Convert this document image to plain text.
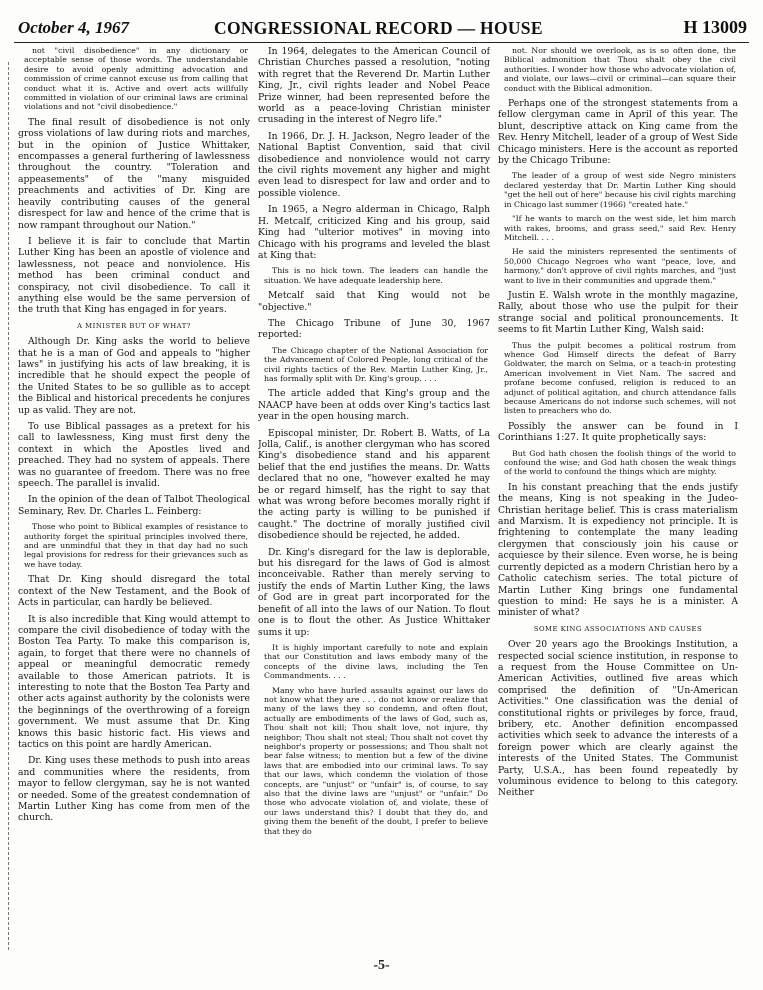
October 4, 1967	CONGRESSIONAL RECORD — HOUSE	H 13009

not "civil disobedience" in any dictionary or acceptable sense of those words. The understandable desire to avoid openly admitting advocation and commission of crime cannot excuse us from calling that conduct what it is. Active and overt acts willfully committed in violation of our criminal laws are criminal violations and not "civil disobedience."

The final result of disobedience is not only gross violations of law during riots and marches, but in the opinion of Justice Whittaker, encompasses a general furthering of lawlessness throughout the country. "Toleration and appeasements" of the "many misguided preachments and activities of Dr. King are heavily contributing causes of the general disrespect for law and hence of the crime that is now rampant throughout our Nation."

I believe it is fair to conclude that Martin Luther King has been an apostle of violence and lawlessness, not peace and nonviolence. His method has been criminal conduct and conspiracy, not civil disobedience. To call it anything else would be the same perversion of the truth that King has engaged in for years.

A MINISTER BUT OF WHAT?

Although Dr. King asks the world to believe that he is a man of God and appeals to "higher laws" in justifying his acts of law breaking, it is incredible that he should expect the people of the United States to be so gullible as to accept the Biblical and historical precedents he conjures up as valid. They are not.

To use Biblical passages as a pretext for his call to lawlessness, King must first deny the context in which the Apostles lived and preached. They had no system of appeals. There was no guarantee of freedom. There was no free speech. The parallel is invalid.

In the opinion of the dean of Talbot Theological Seminary, Rev. Dr. Charles L. Feinberg:

Those who point to Biblical examples of resistance to authority forget the spiritual principles involved there, and are unmindful that they in that day had no such legal provisions for redress for their grievances such as we have today.

That Dr. King should disregard the total context of the New Testament, and the Book of Acts in particular, can hardly be believed.

It is also incredible that King would attempt to compare the civil disobedience of today with the Boston Tea Party. To make this comparison is, again, to forget that there were no channels of appeal or meaningful democratic remedy available to those American patriots. It is interesting to note that the Boston Tea Party and other acts against authority by the colonists were the beginnings of the overthrowing of a foreign government. We must assume that Dr. King knows this basic historic fact. His views and tactics on this point are hardly American.

Dr. King uses these methods to push into areas and communities where the residents, from mayor to fellow clergyman, say he is not wanted or needed. Some of the greatest condemnation of Martin Luther King has come from men of the church.

In 1964, delegates to the American Council of Christian Churches passed a resolution, "noting with regret that the Reverend Dr. Martin Luther King, Jr., civil rights leader and Nobel Peace Prize winner, had been represented before the world as a peace-loving Christian minister crusading in the interest of Negro life."

In 1966, Dr. J. H. Jackson, Negro leader of the National Baptist Convention, said that civil disobedience and nonviolence would not carry the civil rights movement any higher and might even lead to disrespect for law and order and to possible violence.

In 1965, a Negro alderman in Chicago, Ralph H. Metcalf, criticized King and his group, said King had "ulterior motives" in moving into Chicago with his programs and leveled the blast at King that:

This is no hick town. The leaders can handle the situation. We have adequate leadership here.

Metcalf said that King would not be "objective."

The Chicago Tribune of June 30, 1967 reported:

The Chicago chapter of the National Association for the Advancement of Colored People, long critical of the civil rights tactics of the Rev. Martin Luther King, Jr., has formally split with Dr. King's group. . . .

The article added that King's group and the NAACP have been at odds over King's tactics last year in the open housing march.

Episcopal minister, Dr. Robert B. Watts, of La Jolla, Calif., is another clergyman who has scored King's disobedience stand and his apparent belief that the end justifies the means. Dr. Watts declared that no one, "however exalted he may be or regard himself, has the right to say that what was wrong before becomes morally right if the acting party is willing to be punished if caught." The doctrine of morally justified civil disobedience should be rejected, he added.

Dr. King's disregard for the law is deplorable, but his disregard for the laws of God is almost inconceivable. Rather than merely serving to justify the ends of Martin Luther King, the laws of God are in great part incorporated for the benefit of all into the laws of our Nation. To flout one is to flout the other. As Justice Whittaker sums it up:

It is highly important carefully to note and explain that our Constitution and laws embody many of the concepts of the divine laws, including the Ten Commandments. . . .

Many who have hurled assaults against our laws do not know what they are . . . do not know or realize that many of the laws they so condemn, and often flout, actually are embodiments of the laws of God, such as, Thou shalt not kill; Thou shalt love, not injure, thy neighbor; Thou shalt not steal; Thou shalt not covet thy neighbor's property or possessions; and Thou shalt not bear false witness; to mention but a few of the divine laws that are embodied into our criminal laws. To say that our laws, which condemn the violation of those concepts, are "unjust" or "unfair" is, of course, to say also that the divine laws are "unjust" or "unfair." Do those who advocate violation of, and violate, these of our laws understand this? I doubt that they do, and giving them the benefit of the doubt, I prefer to believe that they do

not. Nor should we overlook, as is so often done, the Biblical admonition that Thou shalt obey the civil authorities. I wonder how those who advocate violation of, and violate, our laws—civil or criminal—can square their conduct with the Biblical admonition.

Perhaps one of the strongest statements from a fellow clergyman came in April of this year. The blunt, descriptive attack on King came from the Rev. Henry Mitchell, leader of a group of West Side Chicago ministers. Here is the account as reported by the Chicago Tribune:

The leader of a group of west side Negro ministers declared yesterday that Dr. Martin Luther King should "get the hell out of here" because his civil rights marching in Chicago last summer (1966) "created hate."

"If he wants to march on the west side, let him march with rakes, brooms, and grass seed," said Rev. Henry Mitchell. . . .

He said the ministers represented the sentiments of 50,000 Chicago Negroes who want "peace, love, and harmony," don't approve of civil rights marches, and "just want to live in their communities and upgrade them."

Justin E. Walsh wrote in the monthly magazine, Rally, about those who use the pulpit for their strange social and political pronouncements. It seems to fit Martin Luther King, Walsh said:

Thus the pulpit becomes a political rostrum from whence God Himself directs the defeat of Barry Goldwater, the march on Selma, or a teach-in protesting American involvement in Viet Nam. The sacred and profane become confused, religion is reduced to an adjunct of political agitation, and church attendance falls because Americans do not indorse such schemes, will not listen to preachers who do.

Possibly the answer can be found in I Corinthians 1:27. It quite prophetically says:

But God hath chosen the foolish things of the world to confound the wise; and God hath chosen the weak things of the world to confound the things which are mighty.

In his constant preaching that the ends justify the means, King is not speaking in the Judeo-Christian heritage belief. This is crass materialism and Marxism. It is expediency not principle. It is frightening to contemplate the many leading clergymen that consciously join his cause or acquiesce by their silence. Even worse, he is being currently depicted as a modern Christian hero by a Catholic catechism series. The total picture of Martin Luther King brings one fundamental question to mind: He says he is a minister. A minister of what?

SOME KING ASSOCIATIONS AND CAUSES

Over 20 years ago the Brookings Institution, a respected social science institution, in response to a request from the House Committee on Un-American Activities, outlined five areas which comprised the definition of "Un-American Activities." One classification was the denial of constitutional rights or privileges by force, fraud, bribery, etc. Another definition encompassed activities which seek to advance the interests of a foreign power which are clearly against the interests of the United States. The Communist Party, U.S.A., has been found repeatedly by voluminous evidence to belong to this category. Neither

-5-
